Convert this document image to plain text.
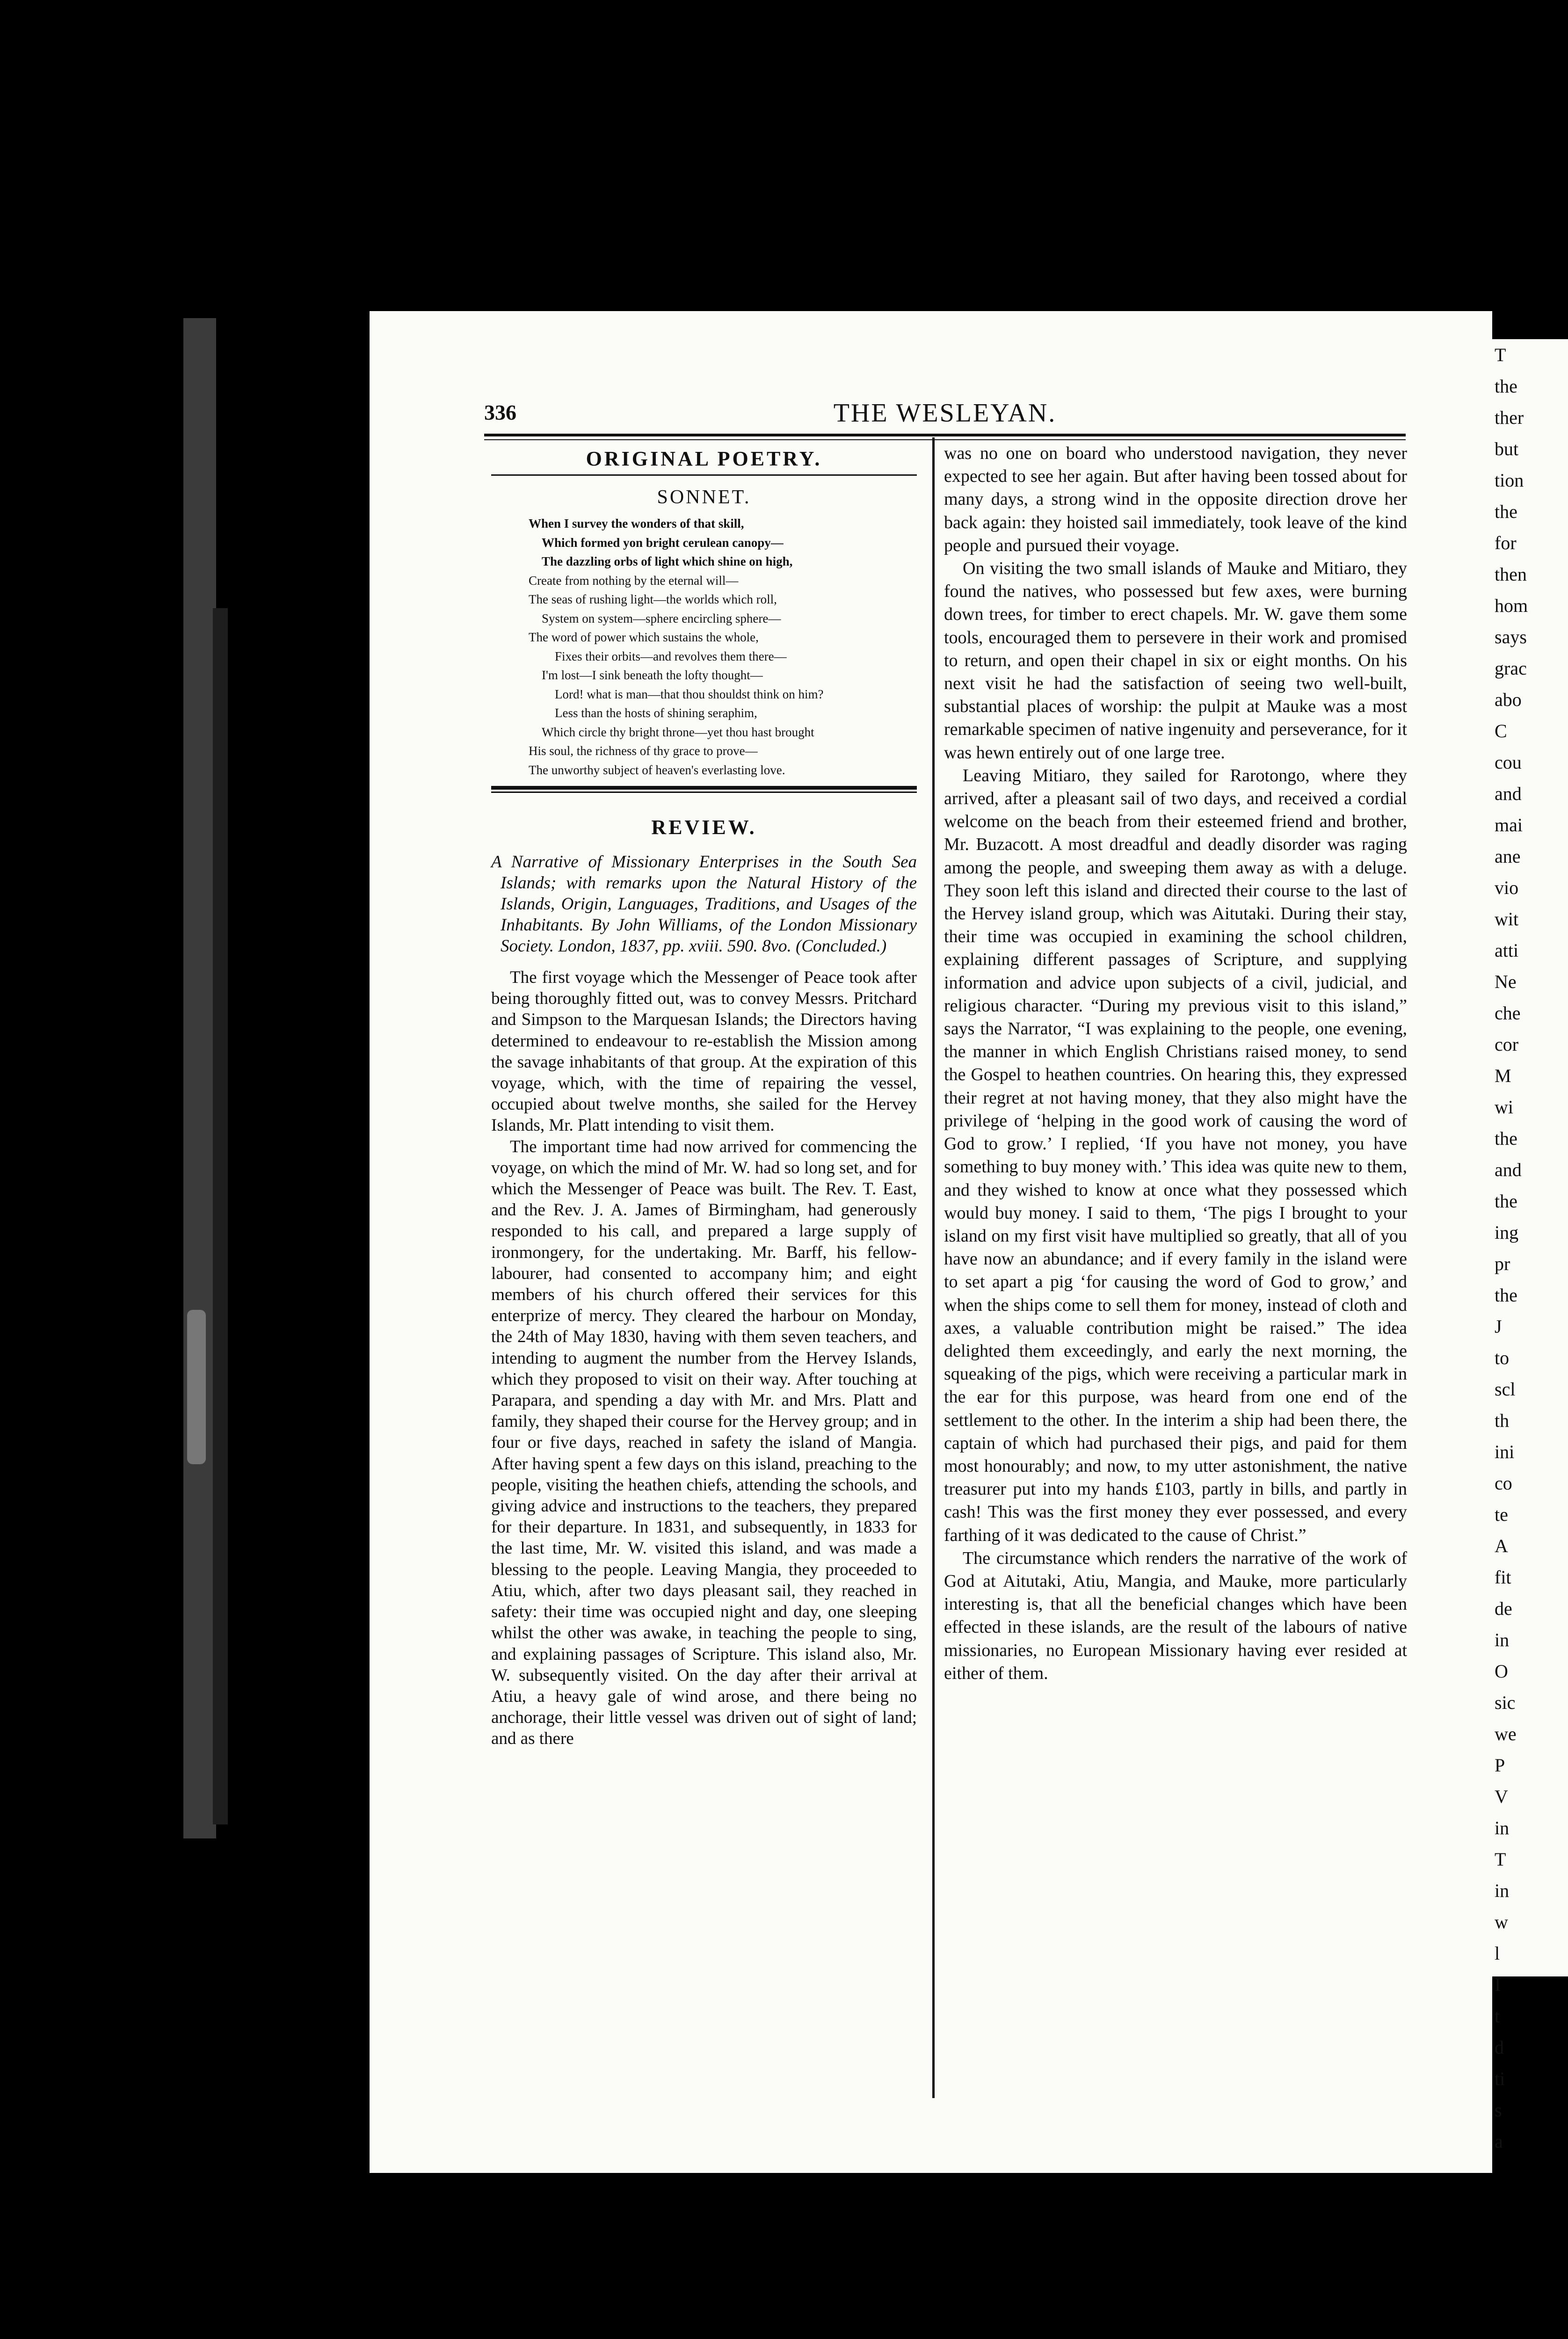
T
the
ther
but
tion
the
for
then
hom
says
grac
abo
C
cou
and
mai
ane
vio
wit
atti
Ne
che
cor
M
wi
the
and
the
ing
pr
the
J
to
scl
th
ini
co
te
A
fit
de
in
O
sic
we
P
V
in
T
in
w
l
I
t
d
ti
s
a
336	THE WESLEYAN.
ORIGINAL POETRY.
SONNET.
When I survey the wonders of that skill,
Which formed yon bright cerulean canopy—
The dazzling orbs of light which shine on high,
Create from nothing by the eternal will—
The seas of rushing light—the worlds which roll,
System on system—sphere encircling sphere—
The word of power which sustains the whole,
Fixes their orbits—and revolves them there—
I'm lost—I sink beneath the lofty thought—
Lord! what is man—that thou shouldst think on him?
Less than the hosts of shining seraphim,
Which circle thy bright throne—yet thou hast brought
His soul, the richness of thy grace to prove—
The unworthy subject of heaven's everlasting love.
REVIEW.
A Narrative of Missionary Enterprises in the South Sea Islands; with remarks upon the Natural History of the Islands, Origin, Languages, Traditions, and Usages of the Inhabitants. By John Williams, of the London Missionary Society. London, 1837, pp. xviii. 590. 8vo. (Concluded.)

The first voyage which the Messenger of Peace took after being thoroughly fitted out, was to convey Messrs. Pritchard and Simpson to the Marquesan Islands; the Directors having determined to endeavour to re-establish the Mission among the savage inhabitants of that group. At the expiration of this voyage, which, with the time of repairing the vessel, occupied about twelve months, she sailed for the Hervey Islands, Mr. Platt intending to visit them.

The important time had now arrived for commencing the voyage, on which the mind of Mr. W. had so long set, and for which the Messenger of Peace was built. The Rev. T. East, and the Rev. J. A. James of Birmingham, had generously responded to his call, and prepared a large supply of ironmongery, for the undertaking. Mr. Barff, his fellow-labourer, had consented to accompany him; and eight members of his church offered their services for this enterprize of mercy. They cleared the harbour on Monday, the 24th of May 1830, having with them seven teachers, and intending to augment the number from the Hervey Islands, which they proposed to visit on their way. After touching at Parapara, and spending a day with Mr. and Mrs. Platt and family, they shaped their course for the Hervey group; and in four or five days, reached in safety the island of Mangia. After having spent a few days on this island, preaching to the people, visiting the heathen chiefs, attending the schools, and giving advice and instructions to the teachers, they prepared for their departure. In 1831, and subsequently, in 1833 for the last time, Mr. W. visited this island, and was made a blessing to the people. Leaving Mangia, they proceeded to Atiu, which, after two days pleasant sail, they reached in safety: their time was occupied night and day, one sleeping whilst the other was awake, in teaching the people to sing, and explaining passages of Scripture. This island also, Mr. W. subsequently visited. On the day after their arrival at Atiu, a heavy gale of wind arose, and there being no anchorage, their little vessel was driven out of sight of land; and as there

was no one on board who understood navigation, they never expected to see her again. But after having been tossed about for many days, a strong wind in the opposite direction drove her back again: they hoisted sail immediately, took leave of the kind people and pursued their voyage.

On visiting the two small islands of Mauke and Mitiaro, they found the natives, who possessed but few axes, were burning down trees, for timber to erect chapels. Mr. W. gave them some tools, encouraged them to persevere in their work and promised to return, and open their chapel in six or eight months. On his next visit he had the satisfaction of seeing two well-built, substantial places of worship: the pulpit at Mauke was a most remarkable specimen of native ingenuity and perseverance, for it was hewn entirely out of one large tree.

Leaving Mitiaro, they sailed for Rarotongo, where they arrived, after a pleasant sail of two days, and received a cordial welcome on the beach from their esteemed friend and brother, Mr. Buzacott. A most dreadful and deadly disorder was raging among the people, and sweeping them away as with a deluge. They soon left this island and directed their course to the last of the Hervey island group, which was Aitutaki. During their stay, their time was occupied in examining the school children, explaining different passages of Scripture, and supplying information and advice upon subjects of a civil, judicial, and religious character. “During my previous visit to this island,” says the Narrator, “I was explaining to the people, one evening, the manner in which English Christians raised money, to send the Gospel to heathen countries. On hearing this, they expressed their regret at not having money, that they also might have the privilege of ‘helping in the good work of causing the word of God to grow.’ I replied, ‘If you have not money, you have something to buy money with.’ This idea was quite new to them, and they wished to know at once what they possessed which would buy money. I said to them, ‘The pigs I brought to your island on my first visit have multiplied so greatly, that all of you have now an abundance; and if every family in the island were to set apart a pig ‘for causing the word of God to grow,’ and when the ships come to sell them for money, instead of cloth and axes, a valuable contribution might be raised.” The idea delighted them exceedingly, and early the next morning, the squeaking of the pigs, which were receiving a particular mark in the ear for this purpose, was heard from one end of the settlement to the other. In the interim a ship had been there, the captain of which had purchased their pigs, and paid for them most honourably; and now, to my utter astonishment, the native treasurer put into my hands £103, partly in bills, and partly in cash! This was the first money they ever possessed, and every farthing of it was dedicated to the cause of Christ.”

The circumstance which renders the narrative of the work of God at Aitutaki, Atiu, Mangia, and Mauke, more particularly interesting is, that all the beneficial changes which have been effected in these islands, are the result of the labours of native missionaries, no European Missionary having ever resided at either of them.
